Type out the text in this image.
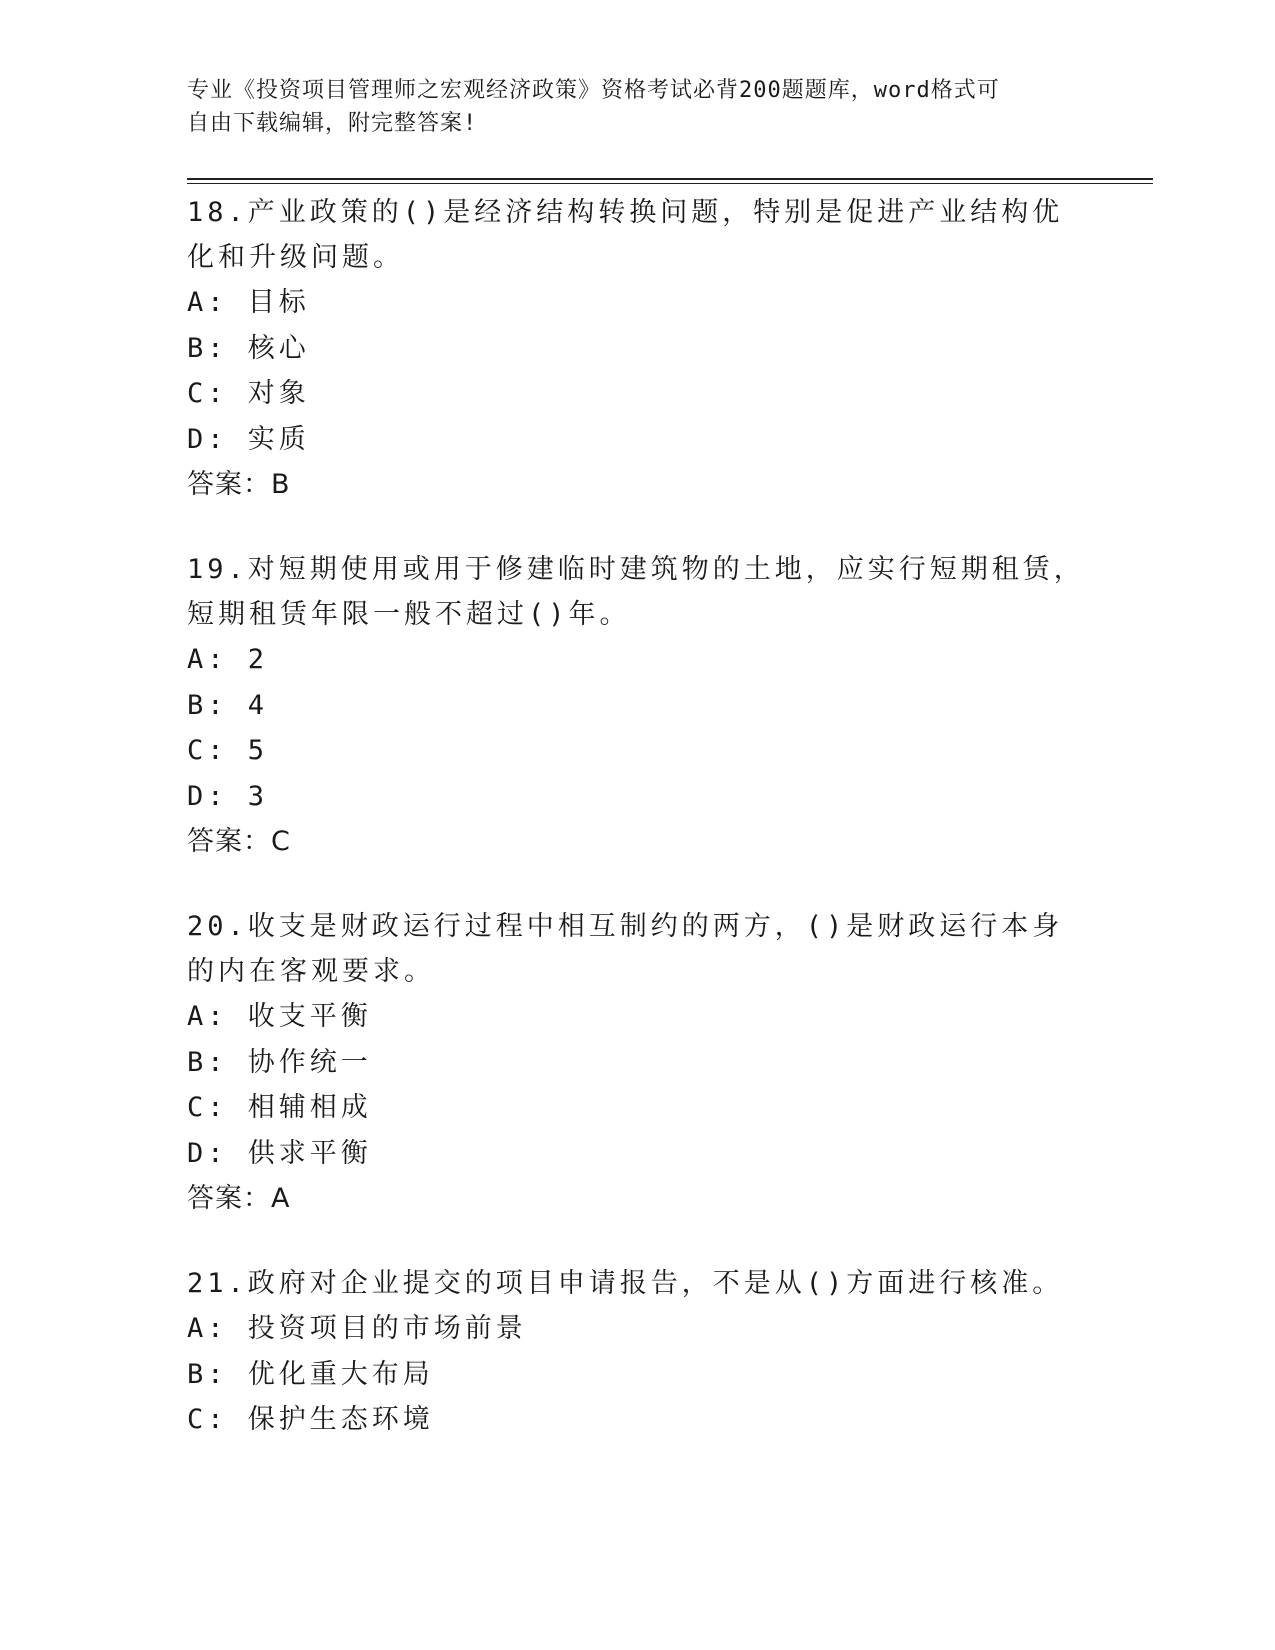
专业《投资项目管理师之宏观经济政策》资格考试必背200题题库，word格式可
自由下载编辑，附完整答案!
18.产业政策的()是经济结构转换问题，特别是促进产业结构优化和升级问题。
A: 目标
B: 核心
C: 对象
D: 实质
答案：B
19.对短期使用或用于修建临时建筑物的土地，应实行短期租赁，短期租赁年限一般不超过()年。
A: 2
B: 4
C: 5
D: 3
答案：C
20.收支是财政运行过程中相互制约的两方，()是财政运行本身的内在客观要求。
A: 收支平衡
B: 协作统一
C: 相辅相成
D: 供求平衡
答案：A
21.政府对企业提交的项目申请报告，不是从()方面进行核准。
A: 投资项目的市场前景
B: 优化重大布局
C: 保护生态环境
